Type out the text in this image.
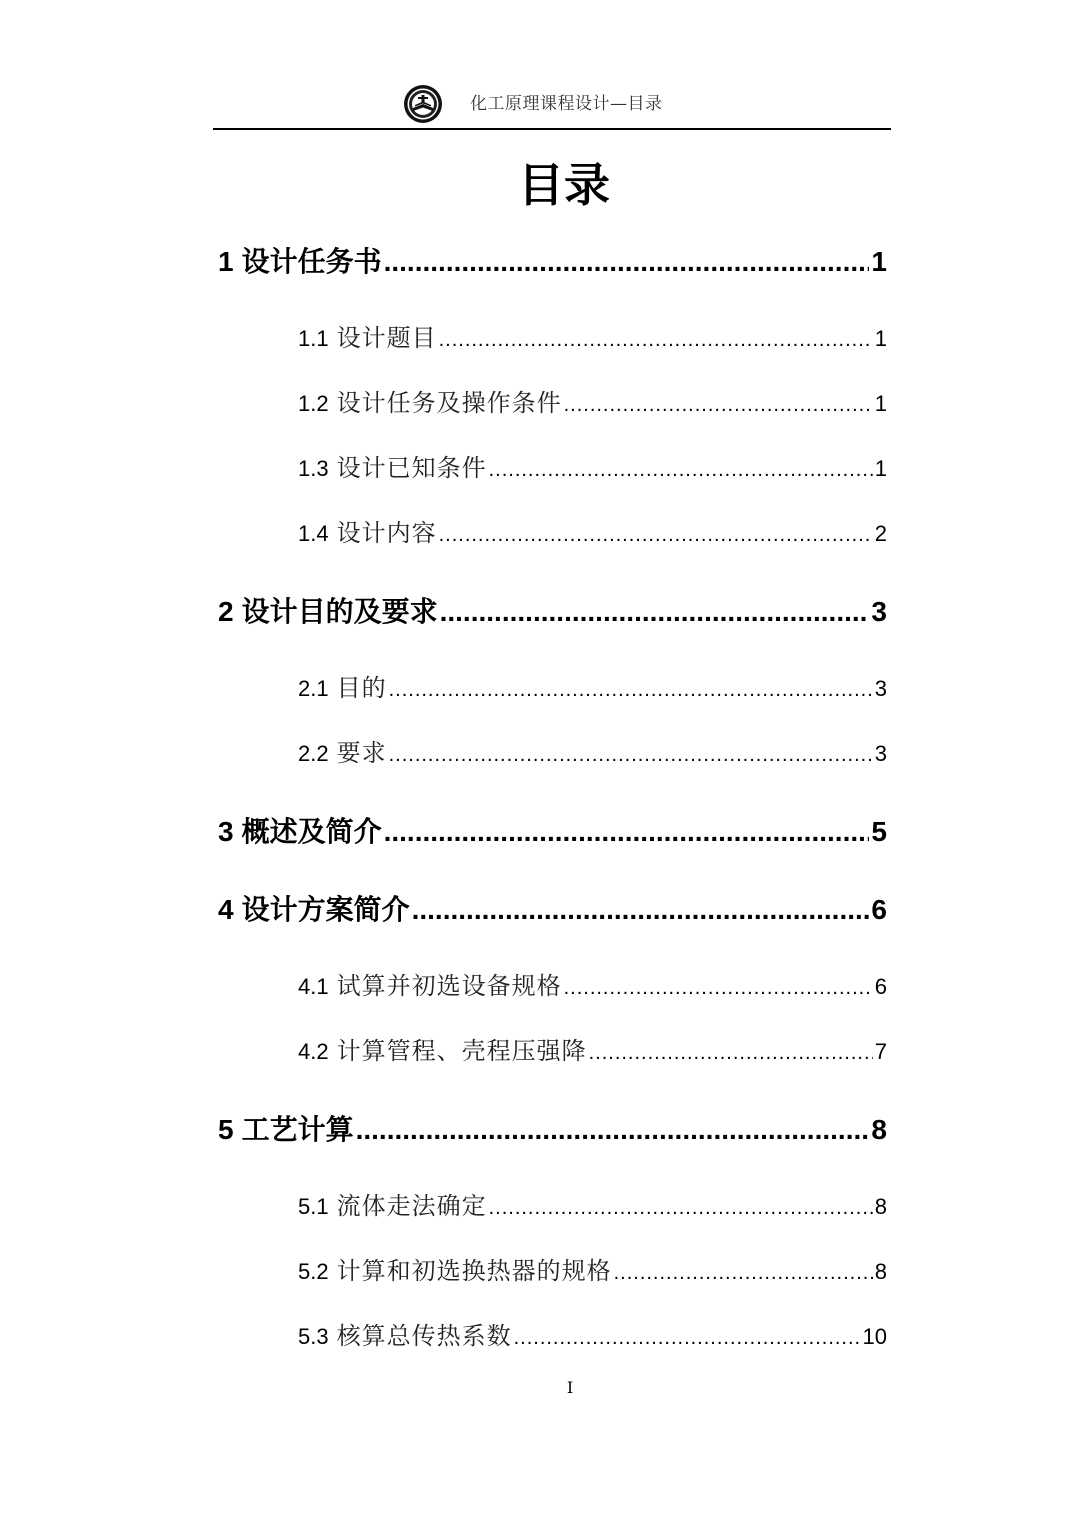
化工原理课程设计—目录
目录
1 设计任务书 .....	1
1.1 设计题目 .....	1
1.2 设计任务及操作条件 .....	1
1.3 设计已知条件 .....	1
1.4 设计内容 .....	2
2 设计目的及要求 .....	3
2.1 目的 .....	3
2.2 要求 .....	3
3 概述及简介 .....	5
4 设计方案简介 .....	6
4.1 试算并初选设备规格 .....	6
4.2 计算管程、壳程压强降 .....	7
5 工艺计算 .....	8
5.1 流体走法确定 .....	8
5.2 计算和初选换热器的规格 .....	8
5.3 核算总传热系数 .....	10
I
